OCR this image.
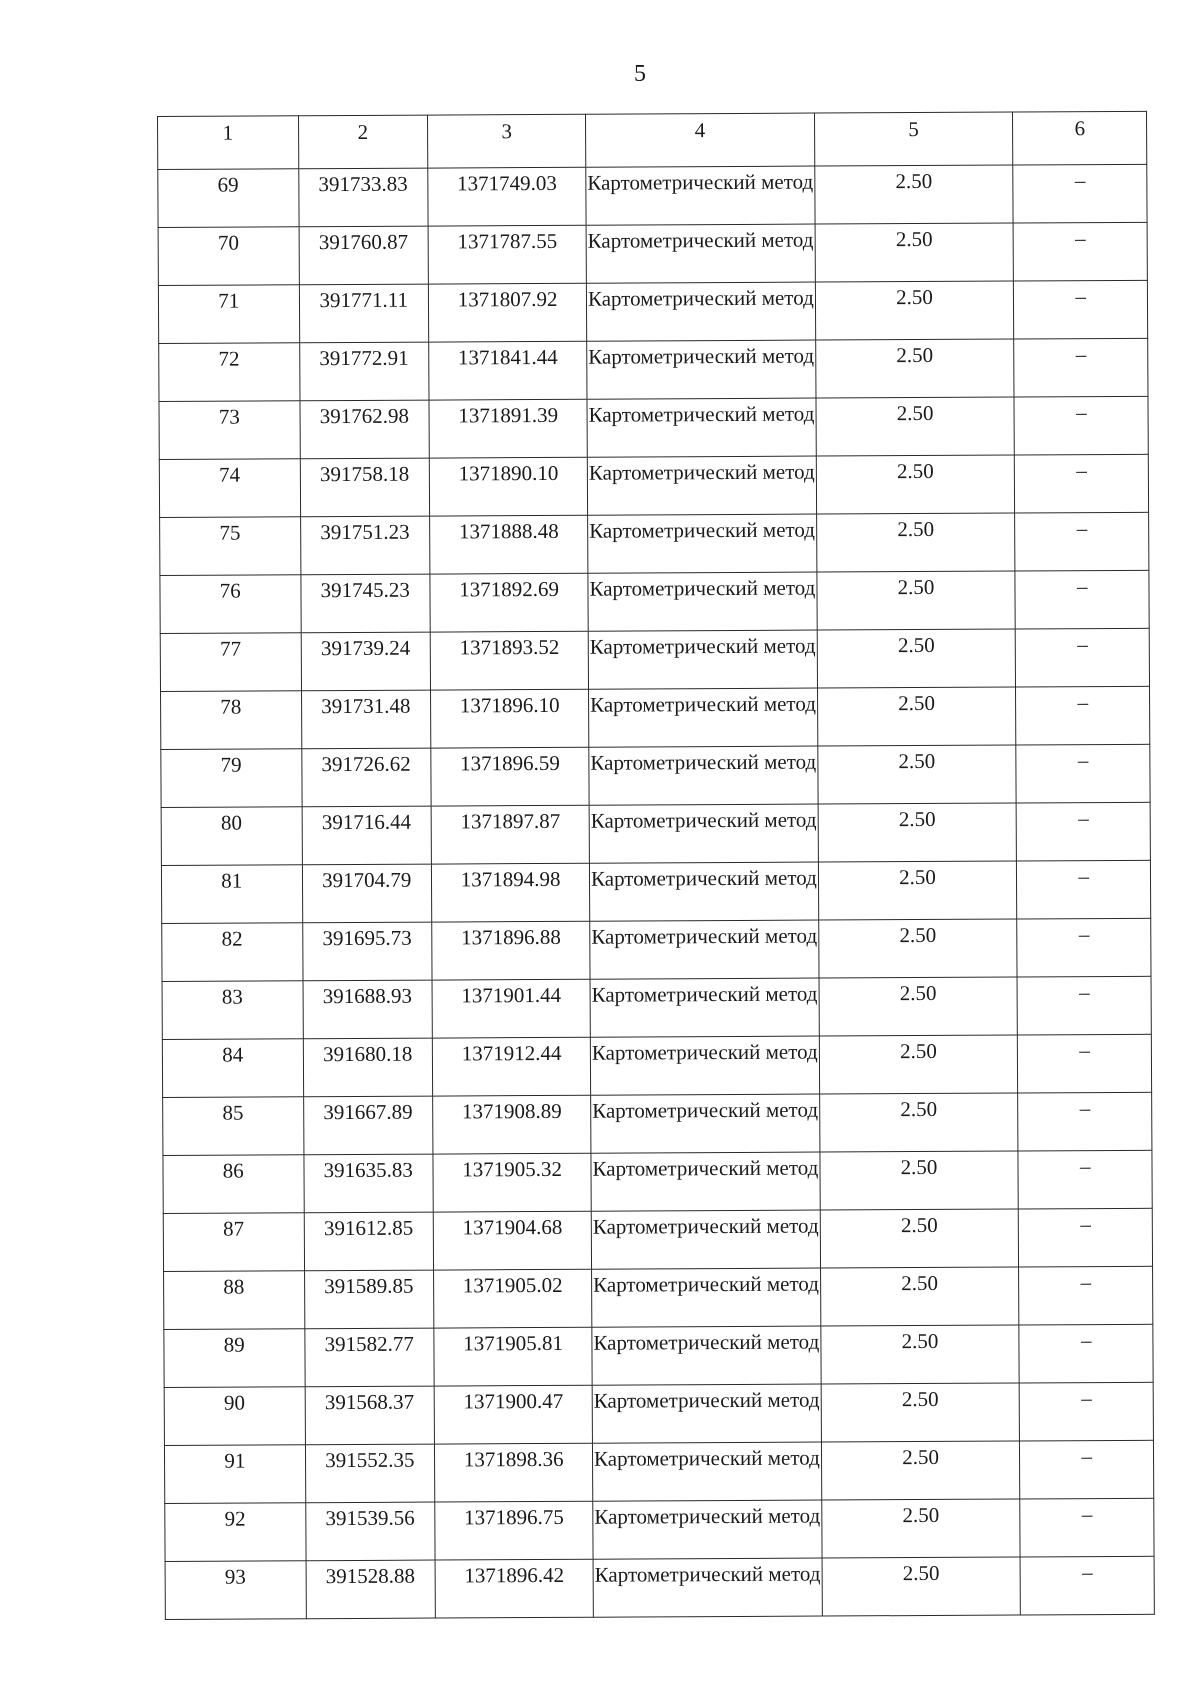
5
1	2	3	4	5	6
69	391733.83	1371749.03	Картометрический метод	2.50	–
70	391760.87	1371787.55	Картометрический метод	2.50	–
71	391771.11	1371807.92	Картометрический метод	2.50	–
72	391772.91	1371841.44	Картометрический метод	2.50	–
73	391762.98	1371891.39	Картометрический метод	2.50	–
74	391758.18	1371890.10	Картометрический метод	2.50	–
75	391751.23	1371888.48	Картометрический метод	2.50	–
76	391745.23	1371892.69	Картометрический метод	2.50	–
77	391739.24	1371893.52	Картометрический метод	2.50	–
78	391731.48	1371896.10	Картометрический метод	2.50	–
79	391726.62	1371896.59	Картометрический метод	2.50	–
80	391716.44	1371897.87	Картометрический метод	2.50	–
81	391704.79	1371894.98	Картометрический метод	2.50	–
82	391695.73	1371896.88	Картометрический метод	2.50	–
83	391688.93	1371901.44	Картометрический метод	2.50	–
84	391680.18	1371912.44	Картометрический метод	2.50	–
85	391667.89	1371908.89	Картометрический метод	2.50	–
86	391635.83	1371905.32	Картометрический метод	2.50	–
87	391612.85	1371904.68	Картометрический метод	2.50	–
88	391589.85	1371905.02	Картометрический метод	2.50	–
89	391582.77	1371905.81	Картометрический метод	2.50	–
90	391568.37	1371900.47	Картометрический метод	2.50	–
91	391552.35	1371898.36	Картометрический метод	2.50	–
92	391539.56	1371896.75	Картометрический метод	2.50	–
93	391528.88	1371896.42	Картометрический метод	2.50	–
